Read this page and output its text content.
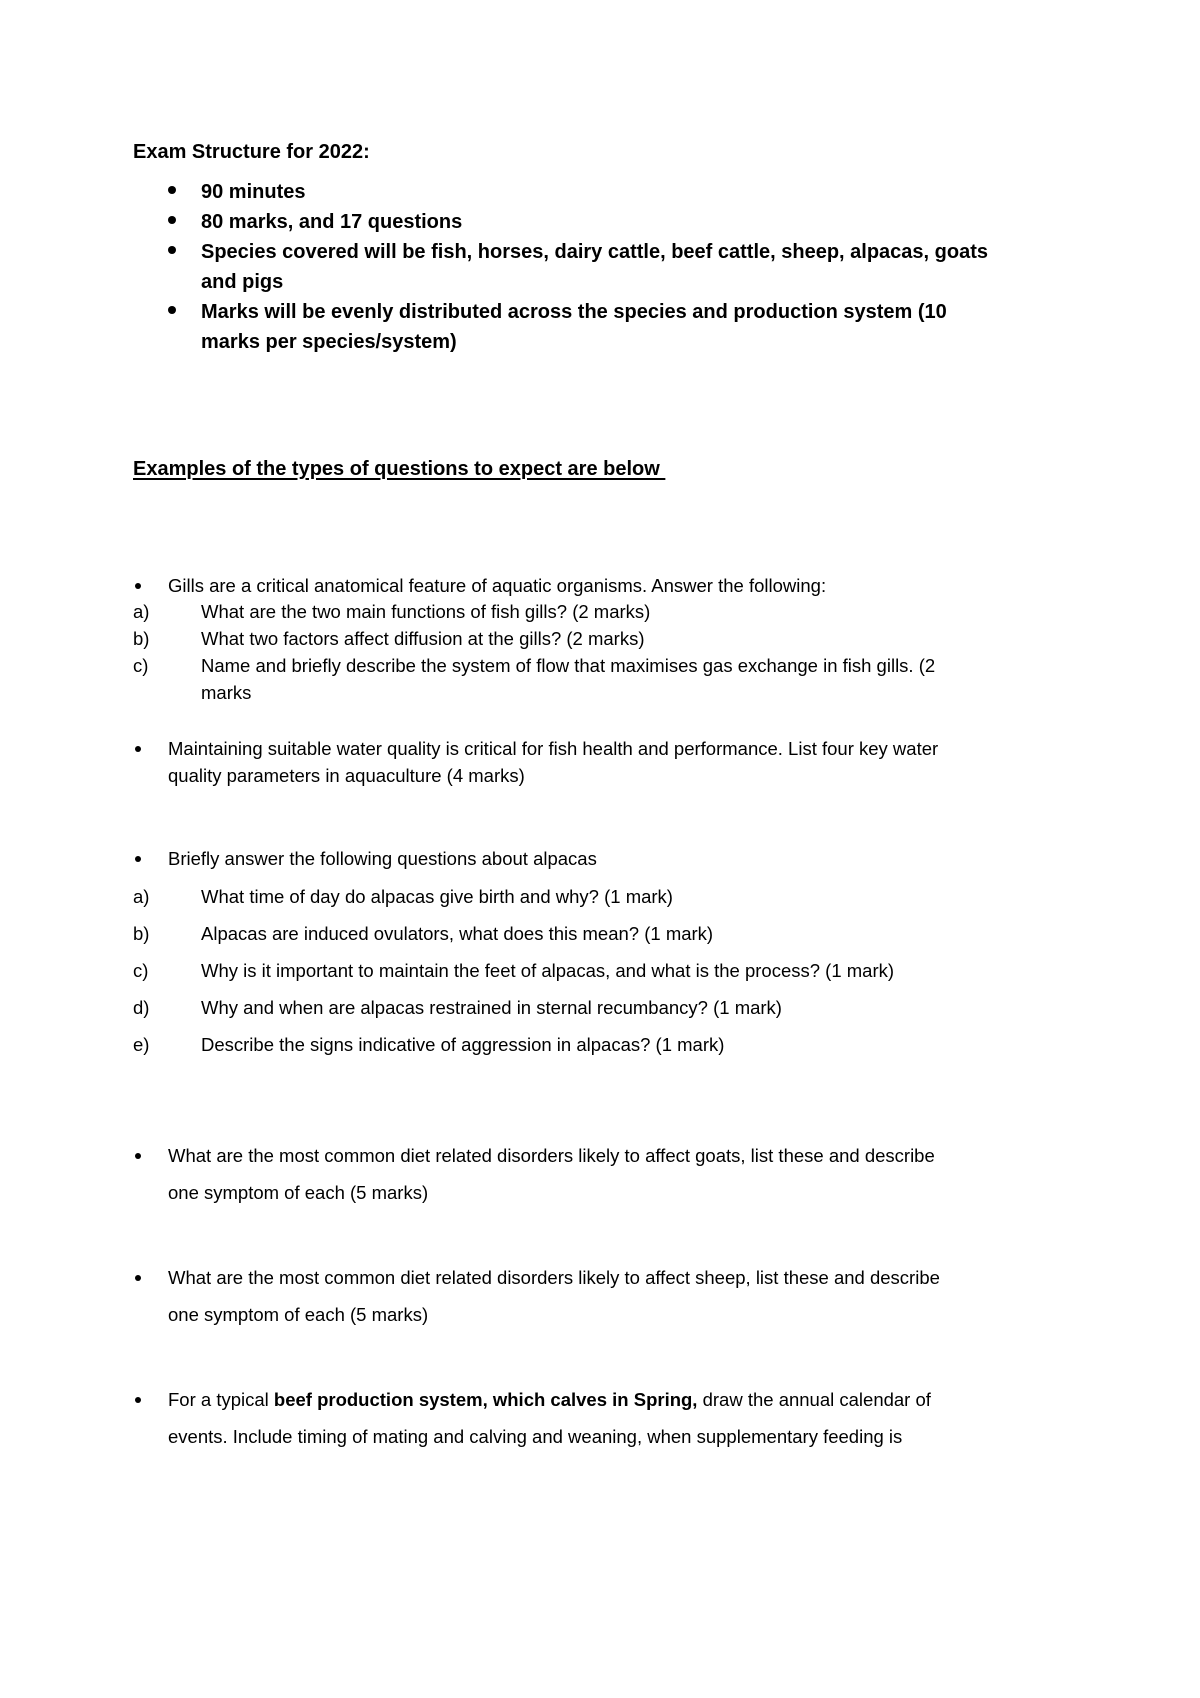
Exam Structure for 2022:
90 minutes
80 marks, and 17 questions
Species covered will be fish, horses, dairy cattle, beef cattle, sheep, alpacas, goats
and pigs
Marks will be evenly distributed across the species and production system (10
marks per species/system)
Examples of the types of questions to expect are below
Gills are a critical anatomical feature of aquatic organisms. Answer the following:
a)	What are the two main functions of fish gills? (2 marks)
b)	What two factors affect diffusion at the gills? (2 marks)
c)	Name and briefly describe the system of flow that maximises gas exchange in fish gills. (2
marks
Maintaining suitable water quality is critical for fish health and performance. List four key water
quality parameters in aquaculture (4 marks)
Briefly answer the following questions about alpacas
a)	What time of day do alpacas give birth and why? (1 mark)
b)	Alpacas are induced ovulators, what does this mean? (1 mark)
c)	Why is it important to maintain the feet of alpacas, and what is the process? (1 mark)
d)	Why and when are alpacas restrained in sternal recumbancy? (1 mark)
e)	Describe the signs indicative of aggression in alpacas? (1 mark)
What are the most common diet related disorders likely to affect goats, list these and describe
one symptom of each (5 marks)
What are the most common diet related disorders likely to affect sheep, list these and describe
one symptom of each (5 marks)
For a typical beef production system, which calves in Spring, draw the annual calendar of
events. Include timing of mating and calving and weaning, when supplementary feeding is
